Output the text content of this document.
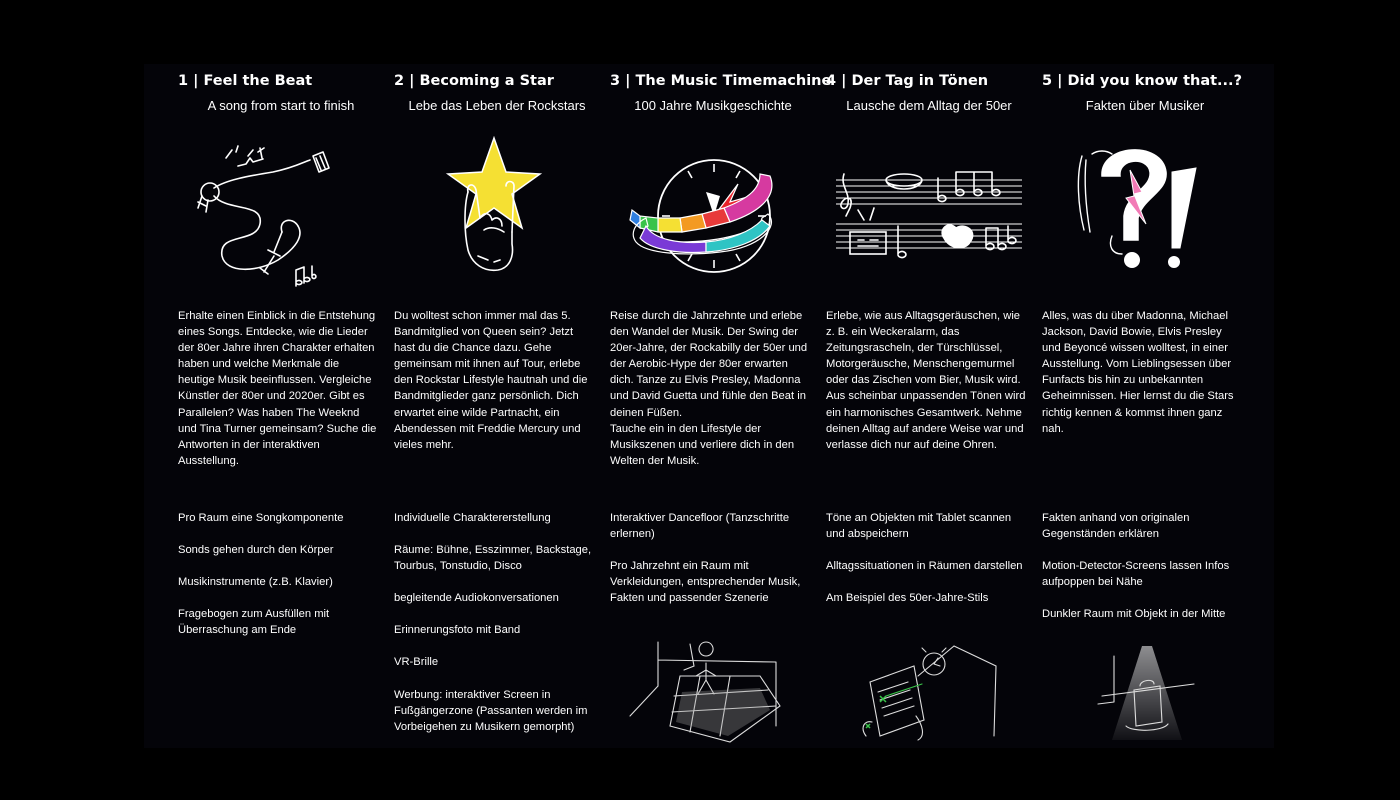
1 | Feel the Beat
A song from start to finish
Erhalte einen Einblick in die Entstehung eines Songs. Entdecke, wie die Lieder der 80er Jahre ihren Charakter erhalten haben und welche Merkmale die heutige Musik beeinflussen. Vergleiche Künstler der 80er und 2020er. Gibt es Parallelen? Was haben The Weeknd und Tina Turner gemeinsam? Suche die Antworten in der interaktiven Ausstellung.
Pro Raum eine Songkomponente
Sonds gehen durch den Körper
Musikinstrumente (z.B. Klavier)
Fragebogen zum Ausfüllen mit Überraschung am Ende
2 | Becoming a Star
Lebe das Leben der Rockstars
Du wolltest schon immer mal das 5. Bandmitglied von Queen sein? Jetzt hast du die Chance dazu. Gehe gemeinsam mit ihnen auf Tour, erlebe den Rockstar Lifestyle hautnah und die Bandmitglieder ganz persönlich. Dich erwartet eine wilde Partnacht, ein Abendessen mit Freddie Mercury und vieles mehr.
Individuelle Charaktererstellung
Räume: Bühne, Esszimmer, Backstage, Tourbus, Tonstudio, Disco
begleitende Audiokonversationen
Erinnerungsfoto mit Band
VR-Brille
Werbung: interaktiver Screen in Fußgängerzone (Passanten werden im Vorbeigehen zu Musikern gemorpht)
3 | The Music Timemachine
100 Jahre Musikgeschichte
Reise durch die Jahrzehnte und erlebe den Wandel der Musik. Der Swing der 20er-Jahre, der Rockabilly der 50er und der Aerobic-Hype der 80er erwarten dich. Tanze zu Elvis Presley, Madonna und David Guetta und fühle den Beat in deinen Füßen.
Tauche ein in den Lifestyle der Musikszenen und verliere dich in den Welten der Musik.
Interaktiver Dancefloor (Tanzschritte erlernen)
Pro Jahrzehnt ein Raum mit Verkleidungen, entsprechender Musik, Fakten und passender Szenerie
4 | Der Tag in Tönen
Lausche dem Alltag der 50er
Erlebe, wie aus Alltagsgeräuschen, wie z. B. ein Weckeralarm, das Zeitungsrascheln, der Türschlüssel, Motorgeräusche, Menschengemurmel oder das Zischen vom Bier, Musik wird. Aus scheinbar unpassenden Tönen wird ein harmonisches Gesamtwerk. Nehme deinen Alltag auf andere Weise war und verlasse dich nur auf deine Ohren.
Töne an Objekten mit Tablet scannen und abspeichern
Alltagssituationen in Räumen darstellen
Am Beispiel des 50er-Jahre-Stils
5 | Did you know that...?
Fakten über Musiker
Alles, was du über Madonna, Michael Jackson, David Bowie, Elvis Presley und Beyoncé wissen wolltest, in einer Ausstellung. Vom Lieblingsessen über Funfacts bis hin zu unbekannten Geheimnissen. Hier lernst du die Stars richtig kennen & kommst ihnen ganz nah.
Fakten anhand von originalen Gegenständen erklären
Motion-Detector-Screens lassen Infos aufpoppen bei Nähe
Dunkler Raum mit Objekt in der Mitte
